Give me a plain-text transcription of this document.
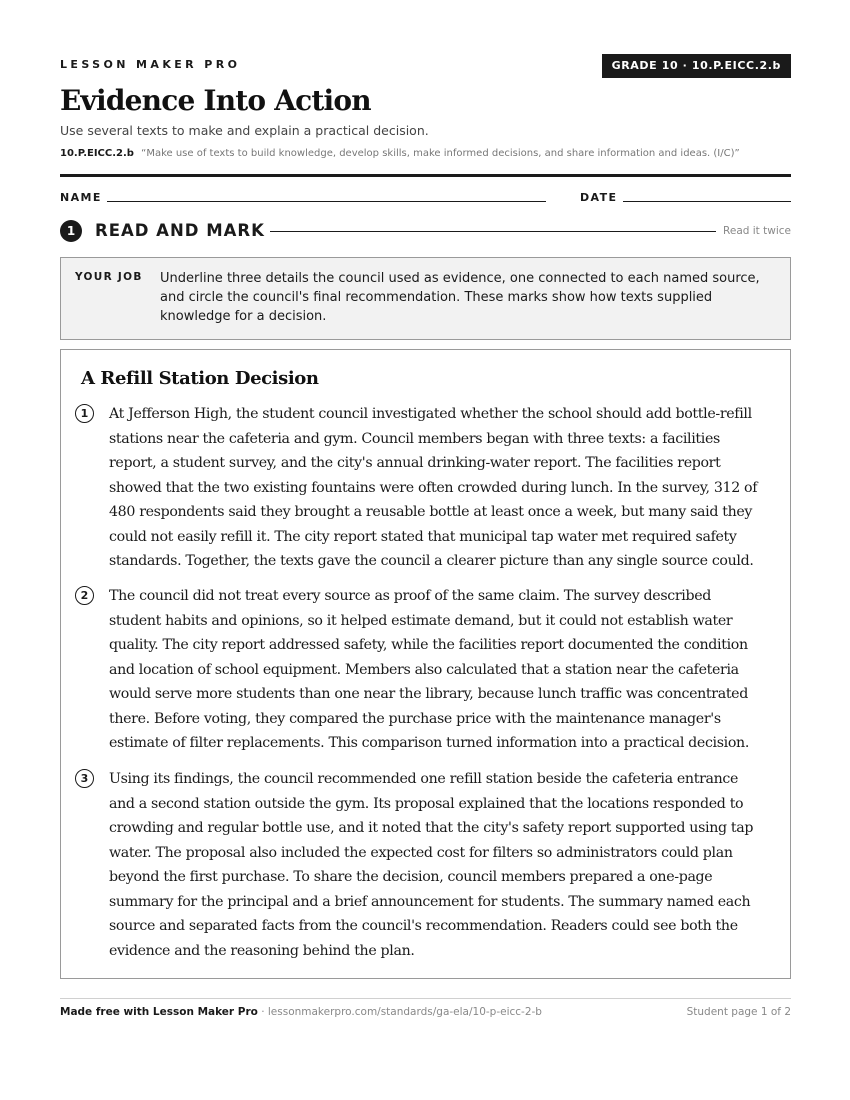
LESSON MAKER PRO	GRADE 10 · 10.P.EICC.2.b
Evidence Into Action
Use several texts to make and explain a practical decision.
10.P.EICC.2.b “Make use of texts to build knowledge, develop skills, make informed decisions, and share information and ideas. (I/C)”
NAME	DATE
1	READ AND MARK	Read it twice
YOUR JOB Underline three details the council used as evidence, one connected to each named source, and circle the council's final recommendation. These marks show how texts supplied knowledge for a decision.
A Refill Station Decision
1	At Jefferson High, the student council investigated whether the school should add bottle-refill stations near the cafeteria and gym. Council members began with three texts: a facilities report, a student survey, and the city's annual drinking-water report. The facilities report showed that the two existing fountains were often crowded during lunch. In the survey, 312 of 480 respondents said they brought a reusable bottle at least once a week, but many said they could not easily refill it. The city report stated that municipal tap water met required safety standards. Together, the texts gave the council a clearer picture than any single source could.
2	The council did not treat every source as proof of the same claim. The survey described student habits and opinions, so it helped estimate demand, but it could not establish water quality. The city report addressed safety, while the facilities report documented the condition and location of school equipment. Members also calculated that a station near the cafeteria would serve more students than one near the library, because lunch traffic was concentrated there. Before voting, they compared the purchase price with the maintenance manager's estimate of filter replacements. This comparison turned information into a practical decision.
3	Using its findings, the council recommended one refill station beside the cafeteria entrance and a second station outside the gym. Its proposal explained that the locations responded to crowding and regular bottle use, and it noted that the city's safety report supported using tap water. The proposal also included the expected cost for filters so administrators could plan beyond the first purchase. To share the decision, council members prepared a one-page summary for the principal and a brief announcement for students. The summary named each source and separated facts from the council's recommendation. Readers could see both the evidence and the reasoning behind the plan.
Made free with Lesson Maker Pro · lessonmakerpro.com/standards/ga-ela/10-p-eicc-2-b	Student page 1 of 2
